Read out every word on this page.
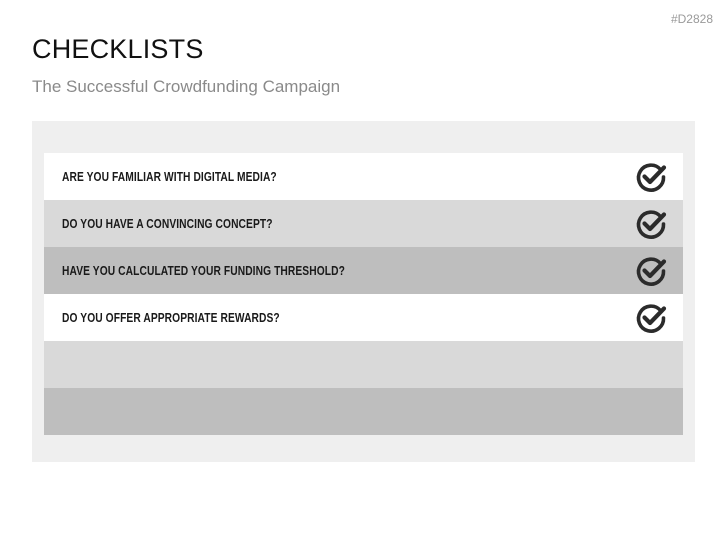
#D2828
CHECKLISTS
The Successful Crowdfunding Campaign
ARE YOU FAMILIAR WITH DIGITAL MEDIA?
DO YOU HAVE A CONVINCING CONCEPT?
HAVE YOU CALCULATED YOUR FUNDING THRESHOLD?
DO YOU OFFER APPROPRIATE REWARDS?
